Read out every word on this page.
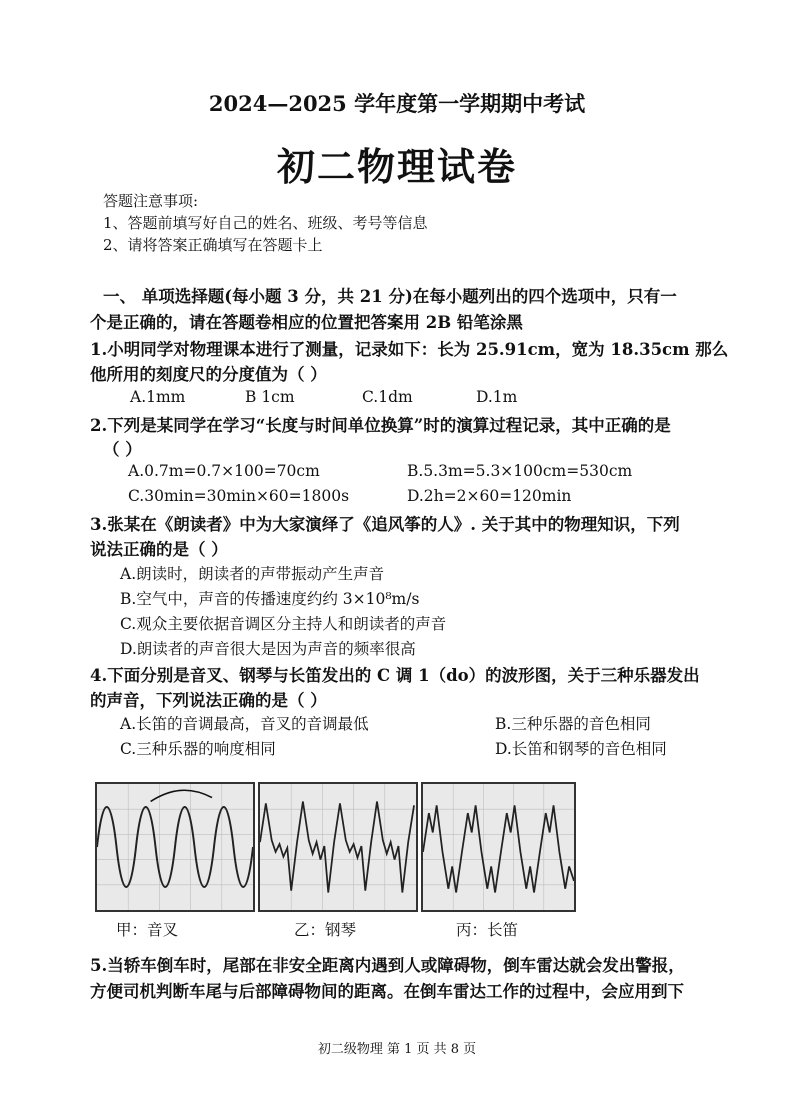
2024—2025 学年度第一学期期中考试
初二物理试卷
答题注意事项:
1、答题前填写好自己的姓名、班级、考号等信息
2、请将答案正确填写在答题卡上
一、 单项选择题(每小题 3 分，共 21 分)在每小题列出的四个选项中，只有一
个是正确的，请在答题卷相应的位置把答案用 2B 铅笔涂黑
1.小明同学对物理课本进行了测量，记录如下：长为 25.91cm，宽为 18.35cm 那么
他所用的刻度尺的分度值为（ ）
A.1mm	B 1cm	C.1dm	D.1m
2.下列是某同学在学习“长度与时间单位换算”时的演算过程记录，其中正确的是
（ ）
A.0.7m=0.7×100=70cm	B.5.3m=5.3×100cm=530cm
C.30min=30min×60=1800s	D.2h=2×60=120min
3.张某在《朗读者》中为大家演绎了《追风筝的人》. 关于其中的物理知识，下列
说法正确的是（ ）
A.朗读时，朗读者的声带振动产生声音
B.空气中，声音的传播速度约约 3×10⁸m/s
C.观众主要依据音调区分主持人和朗读者的声音
D.朗读者的声音很大是因为声音的频率很高
4.下面分别是音叉、钢琴与长笛发出的 C 调 1（do）的波形图，关于三种乐器发出
的声音，下列说法正确的是（ ）
A.长笛的音调最高，音叉的音调最低	B.三种乐器的音色相同
C.三种乐器的响度相同	D.长笛和钢琴的音色相同
甲：音叉	乙：钢琴	丙：长笛
5.当轿车倒车时，尾部在非安全距离内遇到人或障碍物，倒车雷达就会发出警报，
方便司机判断车尾与后部障碍物间的距离。在倒车雷达工作的过程中，会应用到下
初二级物理 第 1 页 共 8 页
